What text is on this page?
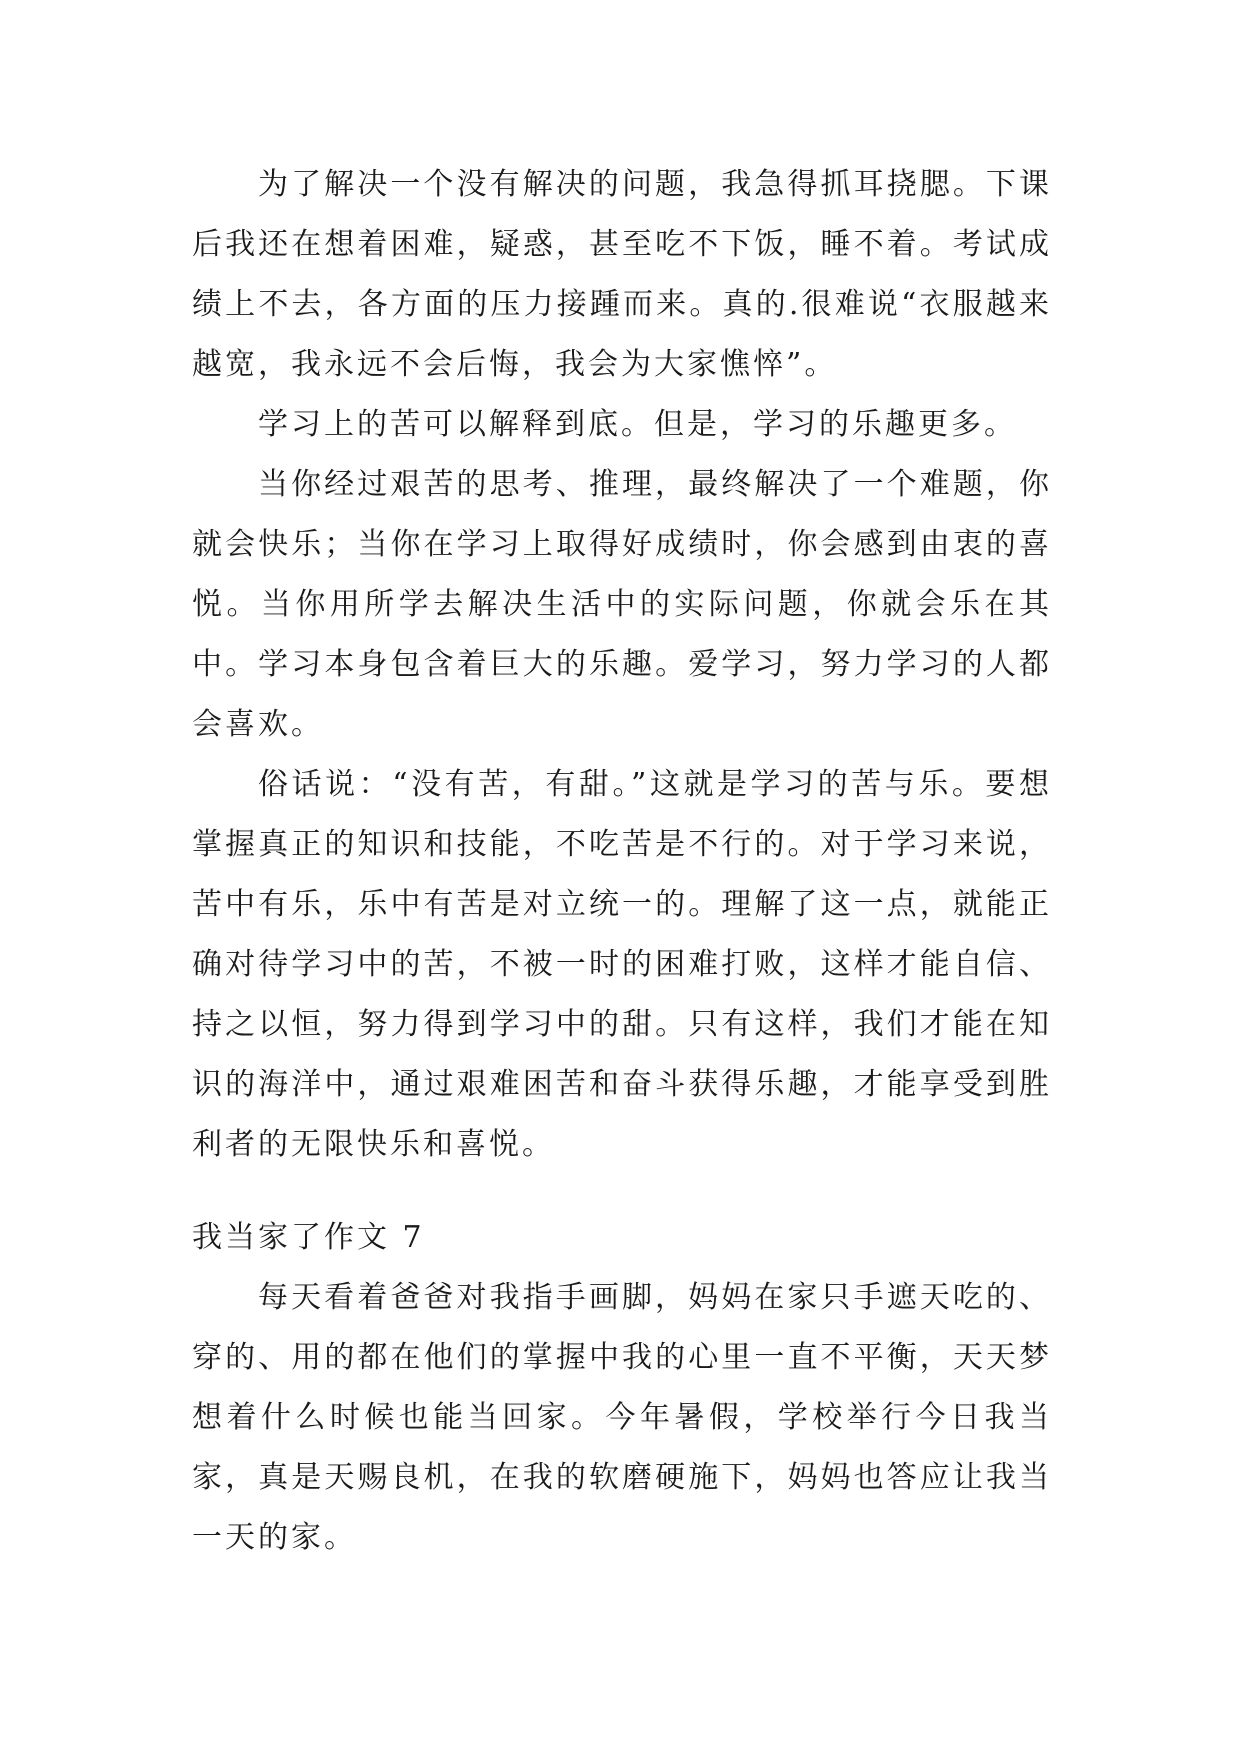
为了解决一个没有解决的问题，我急得抓耳挠腮。下课后我还在想着困难，疑惑，甚至吃不下饭，睡不着。考试成绩上不去，各方面的压力接踵而来。真的.很难说“衣服越来越宽，我永远不会后悔，我会为大家憔悴”。

学习上的苦可以解释到底。但是，学习的乐趣更多。

当你经过艰苦的思考、推理，最终解决了一个难题，你就会快乐；当你在学习上取得好成绩时，你会感到由衷的喜悦。当你用所学去解决生活中的实际问题，你就会乐在其中。学习本身包含着巨大的乐趣。爱学习，努力学习的人都会喜欢。

俗话说：“没有苦，有甜。”这就是学习的苦与乐。要想掌握真正的知识和技能，不吃苦是不行的。对于学习来说，苦中有乐，乐中有苦是对立统一的。理解了这一点，就能正确对待学习中的苦，不被一时的困难打败，这样才能自信、持之以恒，努力得到学习中的甜。只有这样，我们才能在知识的海洋中，通过艰难困苦和奋斗获得乐趣，才能享受到胜利者的无限快乐和喜悦。

我当家了作文 7

每天看着爸爸对我指手画脚，妈妈在家只手遮天吃的、穿的、用的都在他们的掌握中我的心里一直不平衡，天天梦想着什么时候也能当回家。今年暑假，学校举行今日我当家，真是天赐良机，在我的软磨硬施下，妈妈也答应让我当一天的家。
